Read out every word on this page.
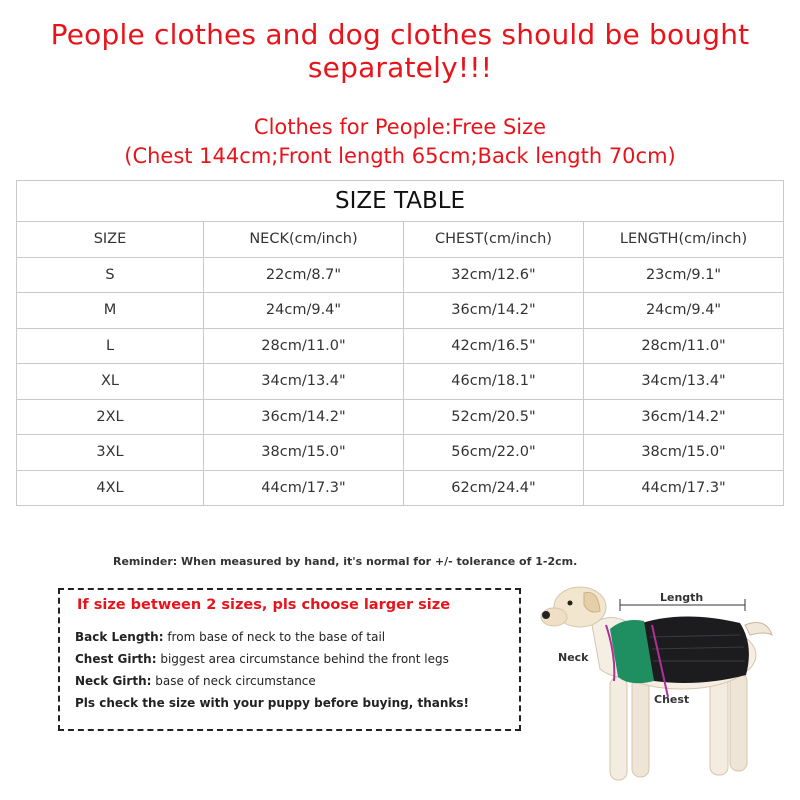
People clothes and dog clothes should be bought
separately!!!
Clothes for People:Free Size
(Chest 144cm;Front length 65cm;Back length 70cm)
SIZE TABLE			
SIZE	NECK(cm/inch)	CHEST(cm/inch)	LENGTH(cm/inch)
S	22cm/8.7"	32cm/12.6"	23cm/9.1"
M	24cm/9.4"	36cm/14.2"	24cm/9.4"
L	28cm/11.0"	42cm/16.5"	28cm/11.0"
XL	34cm/13.4"	46cm/18.1"	34cm/13.4"
2XL	36cm/14.2"	52cm/20.5"	36cm/14.2"
3XL	38cm/15.0"	56cm/22.0"	38cm/15.0"
4XL	44cm/17.3"	62cm/24.4"	44cm/17.3"
Reminder: When measured by hand, it's normal for +/- tolerance of 1-2cm.
If size between 2 sizes, pls choose larger size
Back Length: from base of neck to the base of tail
Chest Girth: biggest area circumstance behind the front legs
Neck Girth: base of neck circumstance
Pls check the size with your puppy before buying, thanks!
Length
Neck
Chest
